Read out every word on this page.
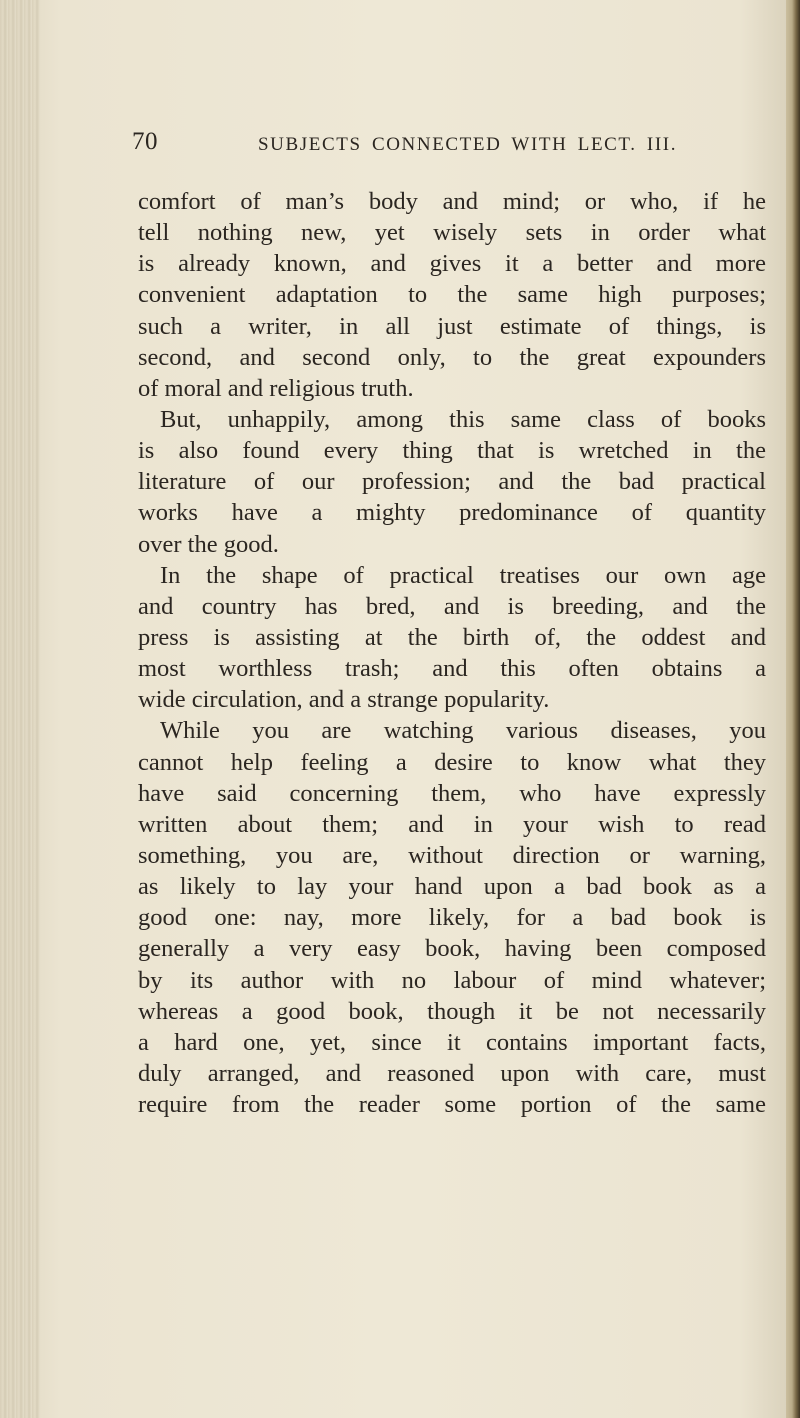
70	SUBJECTS CONNECTED WITH LECT. III.
comfort of man’s body and mind; or who, if he
tell nothing new, yet wisely sets in order what
is already known, and gives it a better and more
convenient adaptation to the same high purposes;
such a writer, in all just estimate of things, is
second, and second only, to the great expounders
of moral and religious truth.
But, unhappily, among this same class of books
is also found every thing that is wretched in the
literature of our profession; and the bad practical
works have a mighty predominance of quantity
over the good.
In the shape of practical treatises our own age
and country has bred, and is breeding, and the
press is assisting at the birth of, the oddest and
most worthless trash; and this often obtains a
wide circulation, and a strange popularity.
While you are watching various diseases, you
cannot help feeling a desire to know what they
have said concerning them, who have expressly
written about them; and in your wish to read
something, you are, without direction or warning,
as likely to lay your hand upon a bad book as a
good one: nay, more likely, for a bad book is
generally a very easy book, having been composed
by its author with no labour of mind whatever;
whereas a good book, though it be not necessarily
a hard one, yet, since it contains important facts,
duly arranged, and reasoned upon with care, must
require from the reader some portion of the same
